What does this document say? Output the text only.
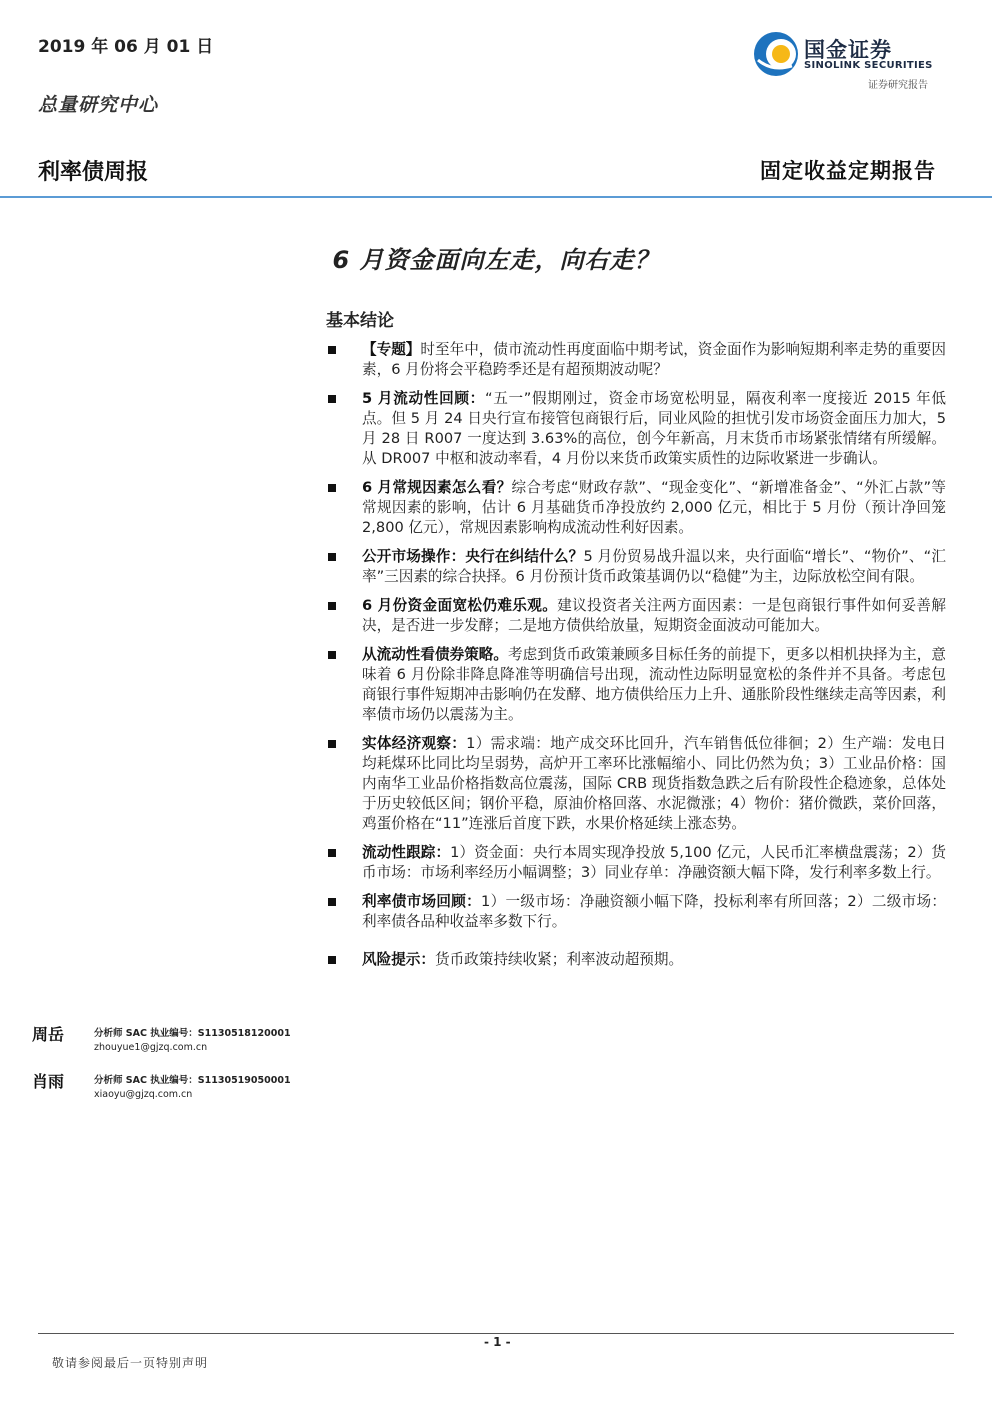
2019 年 06 月 01 日
总量研究中心
国金证券
SINOLINK SECURITIES
证券研究报告
利率债周报	固定收益定期报告
6 月资金面向左走，向右走？
基本结论
【专题】时至年中，债市流动性再度面临中期考试，资金面作为影响短期利率走势的重要因素，6 月份将会平稳跨季还是有超预期波动呢？
5 月流动性回顾：“五一”假期刚过，资金市场宽松明显，隔夜利率一度接近 2015 年低点。但 5 月 24 日央行宣布接管包商银行后，同业风险的担忧引发市场资金面压力加大，5 月 28 日 R007 一度达到 3.63%的高位，创今年新高，月末货币市场紧张情绪有所缓解。从 DR007 中枢和波动率看，4 月份以来货币政策实质性的边际收紧进一步确认。
6 月常规因素怎么看？综合考虑“财政存款”、“现金变化”、“新增准备金”、“外汇占款”等常规因素的影响，估计 6 月基础货币净投放约 2,000 亿元，相比于 5 月份（预计净回笼 2,800 亿元），常规因素影响构成流动性利好因素。
公开市场操作：央行在纠结什么？5 月份贸易战升温以来，央行面临“增长”、“物价”、“汇率”三因素的综合抉择。6 月份预计货币政策基调仍以“稳健”为主，边际放松空间有限。
6 月份资金面宽松仍难乐观。建议投资者关注两方面因素：一是包商银行事件如何妥善解决，是否进一步发酵；二是地方债供给放量，短期资金面波动可能加大。
从流动性看债券策略。考虑到货币政策兼顾多目标任务的前提下，更多以相机抉择为主，意味着 6 月份除非降息降准等明确信号出现，流动性边际明显宽松的条件并不具备。考虑包商银行事件短期冲击影响仍在发酵、地方债供给压力上升、通胀阶段性继续走高等因素，利率债市场仍以震荡为主。
实体经济观察：1）需求端：地产成交环比回升，汽车销售低位徘徊；2）生产端：发电日均耗煤环比同比均呈弱势，高炉开工率环比涨幅缩小、同比仍然为负；3）工业品价格：国内南华工业品价格指数高位震荡，国际 CRB 现货指数急跌之后有阶段性企稳迹象，总体处于历史较低区间；钢价平稳，原油价格回落、水泥微涨；4）物价：猪价微跌，菜价回落，鸡蛋价格在“11”连涨后首度下跌，水果价格延续上涨态势。
流动性跟踪：1）资金面：央行本周实现净投放 5,100 亿元，人民币汇率横盘震荡；2）货币市场：市场利率经历小幅调整；3）同业存单：净融资额大幅下降，发行利率多数上行。
利率债市场回顾：1）一级市场：净融资额小幅下降，投标利率有所回落；2）二级市场：利率债各品种收益率多数下行。
风险提示：货币政策持续收紧；利率波动超预期。
周岳	分析师 SAC 执业编号：S1130518120001
zhouyue1@gjzq.com.cn
肖雨	分析师 SAC 执业编号：S1130519050001
xiaoyu@gjzq.com.cn
- 1 -
敬请参阅最后一页特别声明
